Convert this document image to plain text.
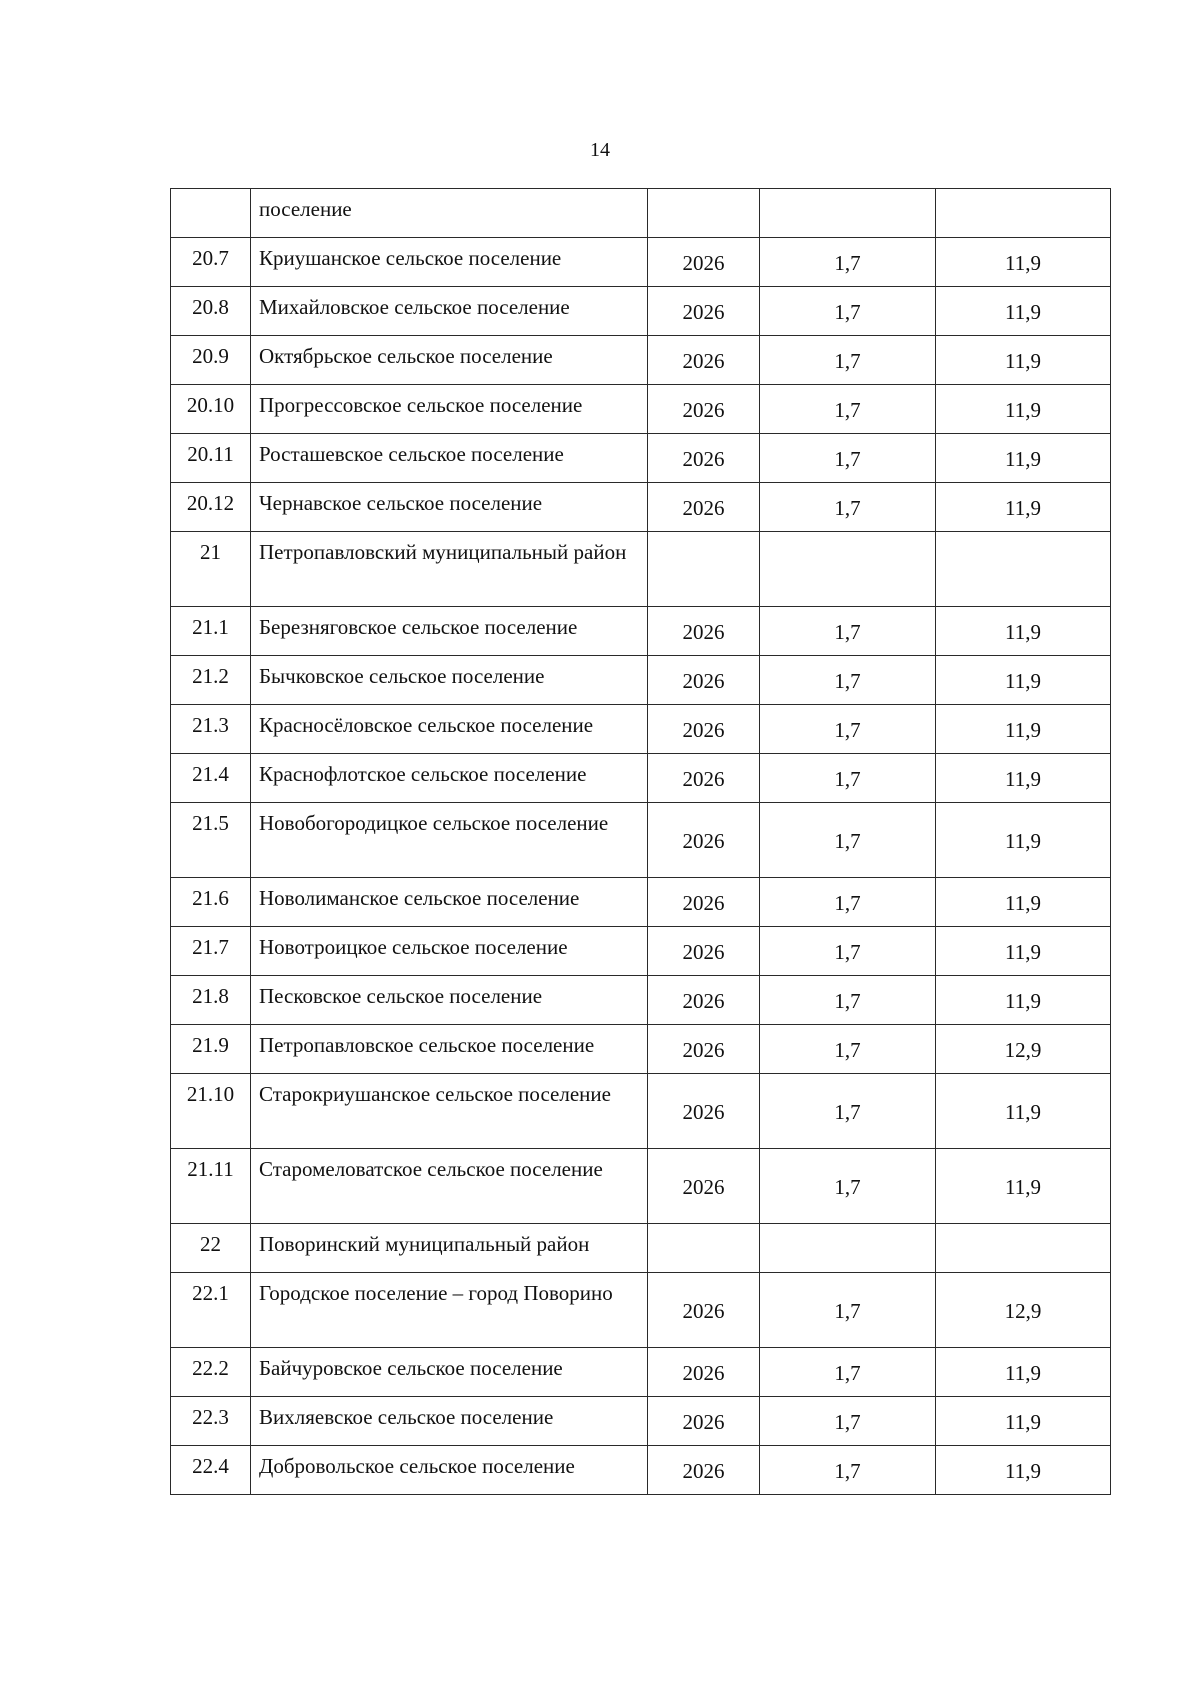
14
	поселение			
20.7	Криушанское сельское поселение	2026	1,7	11,9
20.8	Михайловское сельское поселение	2026	1,7	11,9
20.9	Октябрьское сельское поселение	2026	1,7	11,9
20.10	Прогрессовское сельское поселение	2026	1,7	11,9
20.11	Росташевское сельское поселение	2026	1,7	11,9
20.12	Чернавское сельское поселение	2026	1,7	11,9
21	Петропавловский муниципальный район			
21.1	Березняговское сельское поселение	2026	1,7	11,9
21.2	Бычковское сельское поселение	2026	1,7	11,9
21.3	Красносёловское сельское поселение	2026	1,7	11,9
21.4	Краснофлотское сельское поселение	2026	1,7	11,9
21.5	Новобогородицкое сельское поселение	2026	1,7	11,9
21.6	Новолиманское сельское поселение	2026	1,7	11,9
21.7	Новотроицкое сельское поселение	2026	1,7	11,9
21.8	Песковское сельское поселение	2026	1,7	11,9
21.9	Петропавловское сельское поселение	2026	1,7	12,9
21.10	Старокриушанское сельское поселение	2026	1,7	11,9
21.11	Старомеловатское сельское поселение	2026	1,7	11,9
22	Поворинский муниципальный район			
22.1	Городское поселение – город Поворино	2026	1,7	12,9
22.2	Байчуровское сельское поселение	2026	1,7	11,9
22.3	Вихляевское сельское поселение	2026	1,7	11,9
22.4	Добровольское сельское поселение	2026	1,7	11,9
